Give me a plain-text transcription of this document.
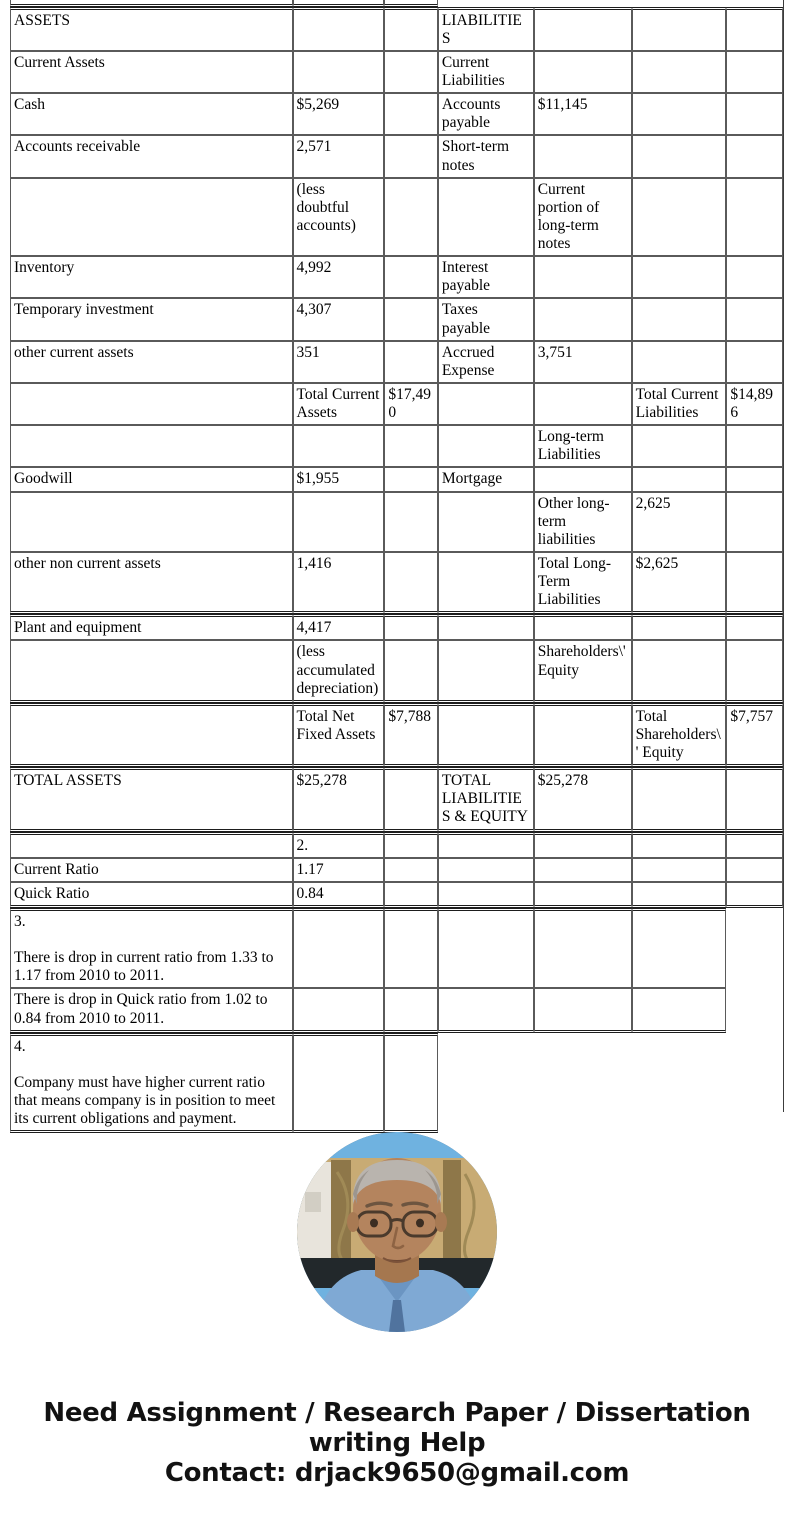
ASSETS			LIABILITIES			
Current Assets			Current Liabilities			
Cash	$5,269		Accounts payable	$11,145		
Accounts receivable	2,571		Short-term notes			
	(less doubtful accounts)			Current portion of long-term notes		
Inventory	4,992		Interest payable			
Temporary investment	4,307		Taxes payable			
other current assets	351		Accrued Expense	3,751		
	Total Current Assets	$17,490			Total Current Liabilities	$14,896
				Long-term Liabilities		
Goodwill	$1,955		Mortgage			
				Other long-term liabilities	2,625	
other non current assets	1,416			Total Long-Term Liabilities	$2,625	
Plant and equipment	4,417					
	(less accumulated depreciation)			Shareholders\' Equity		
	Total Net Fixed Assets	$7,788			Total Shareholders\' Equity	$7,757
TOTAL ASSETS	$25,278		TOTAL LIABILITIES & EQUITY	$25,278		
	2.					
Current Ratio	1.17					
Quick Ratio	0.84					
3.

There is drop in current ratio from 1.33 to 1.17 from 2010 to 2011.						
There is drop in Quick ratio from 1.02 to 0.84 from 2010 to 2011.						
4.

Company must have higher current ratio that means company is in position to meet its current obligations and payment.						
Need Assignment / Research Paper / Dissertation writing Help
Contact: drjack9650@gmail.com
